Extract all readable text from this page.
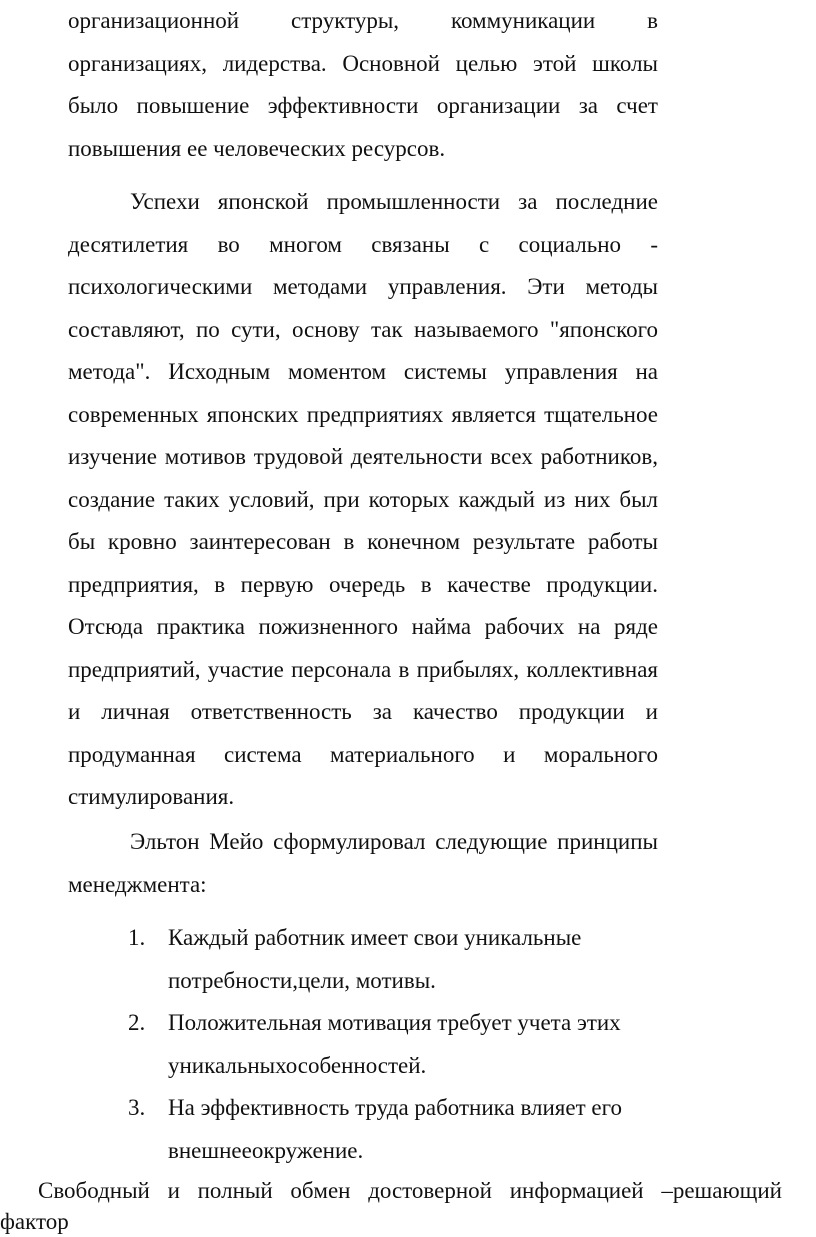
организационной структуры, коммуникации в организациях, лидерства. Основной целью этой школы было повышение эффективности организации за счет повышения ее человеческих ресурсов.

Успехи японской промышленности за последние десятилетия во многом связаны с социально - психологическими методами управления. Эти методы составляют, по сути, основу так называемого "японского метода". Исходным моментом системы управления на современных японских предприятиях является тщательное изучение мотивов трудовой деятельности всех работников, создание таких условий, при которых каждый из них был бы кровно заинтересован в конечном результате работы предприятия, в первую очередь в качестве продукции. Отсюда практика пожизненного найма рабочих на ряде предприятий, участие персонала в прибылях, коллективная и личная ответственность за качество продукции и продуманная система материального и морального стимулирования.

Эльтон Мейо сформулировал следующие принципы менеджмента:

1. Каждый работник имеет свои уникальные потребности,цели, мотивы.
2. Положительная мотивация требует учета этих уникальныхособенностей.
3. На эффективность труда работника влияет его внешнееокружение.

Свободный и полный обмен достоверной информацией –решающий фактор
